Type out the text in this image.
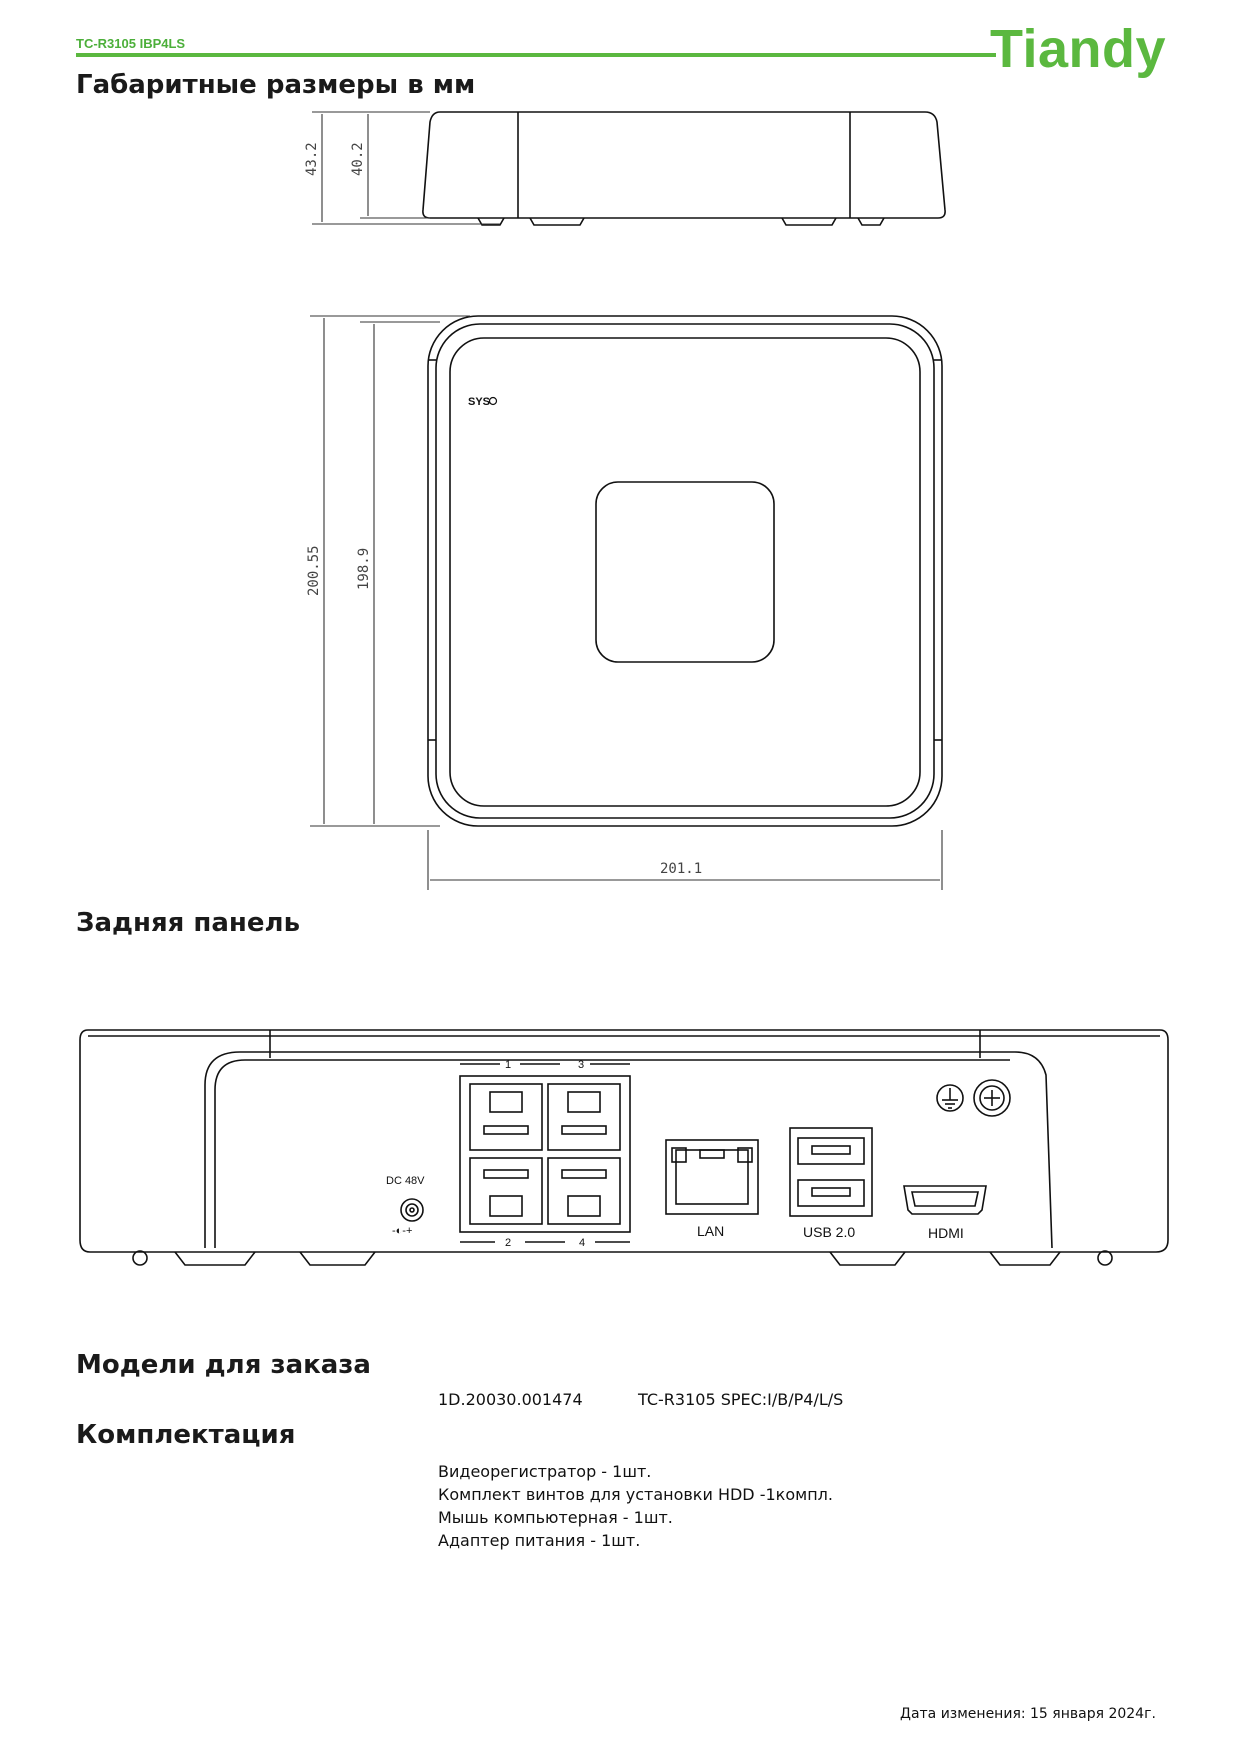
TC-R3105 IBP4LS	Tiandy
Габаритные размеры в мм
Задняя панель
43.2 40.2
200.55 198.9
201.1
SYS
DC 48V
-◐-+
1	3
2	4
LAN	USB 2.0	HDMI
Модели для заказа
1D.20030.001474	TC-R3105 SPEC:I/B/P4/L/S
Комплектация
Видеорегистратор - 1шт.
Комплект винтов для установки HDD -1компл.
Мышь компьютерная - 1шт.
Адаптер питания - 1шт.
Дата изменения: 15 января 2024г.
